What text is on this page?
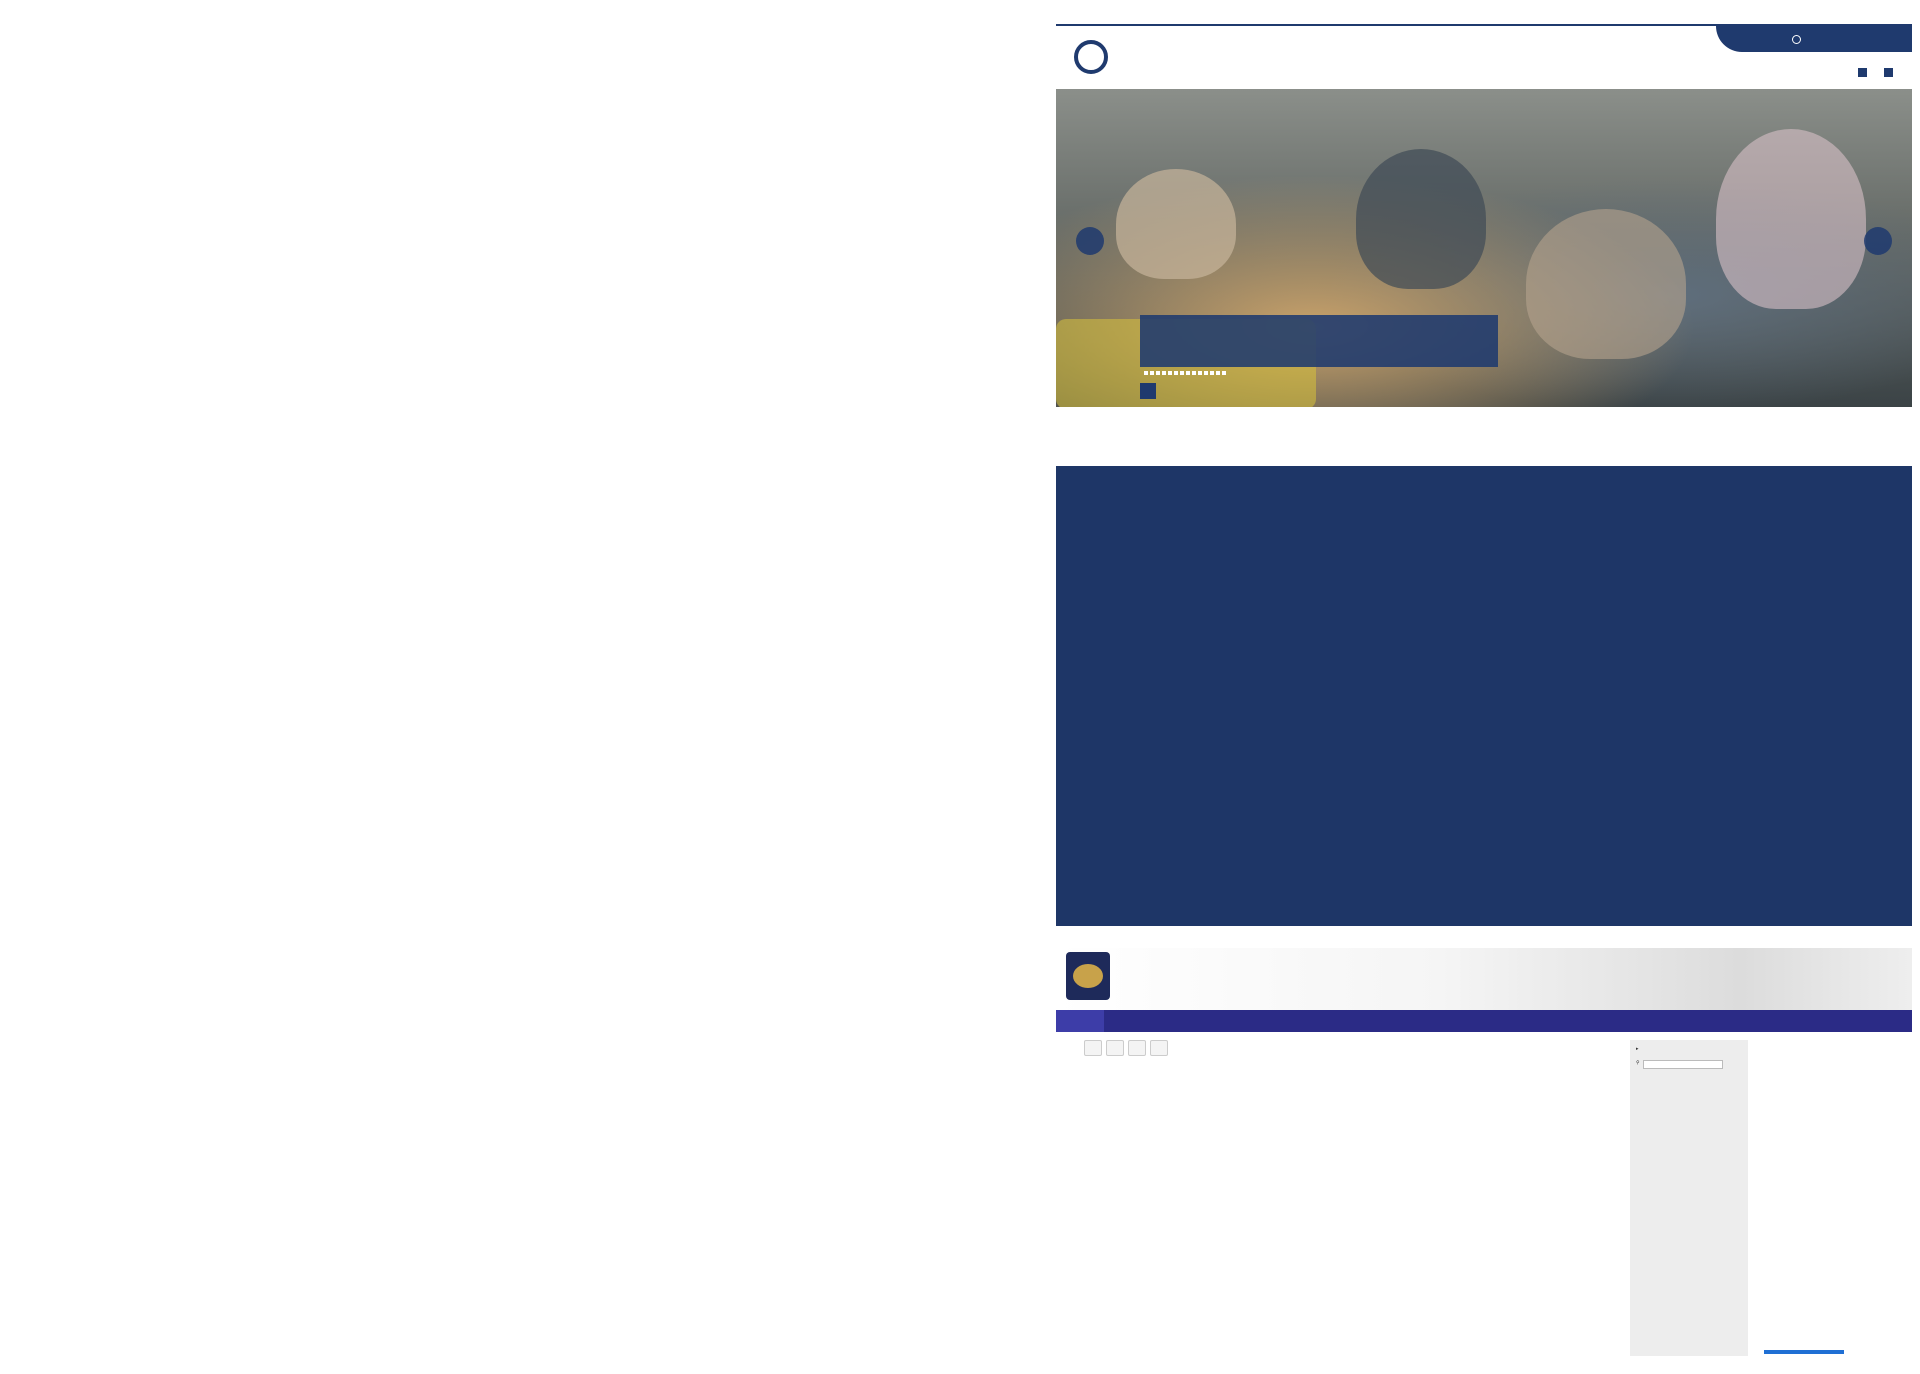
▸
⚲
